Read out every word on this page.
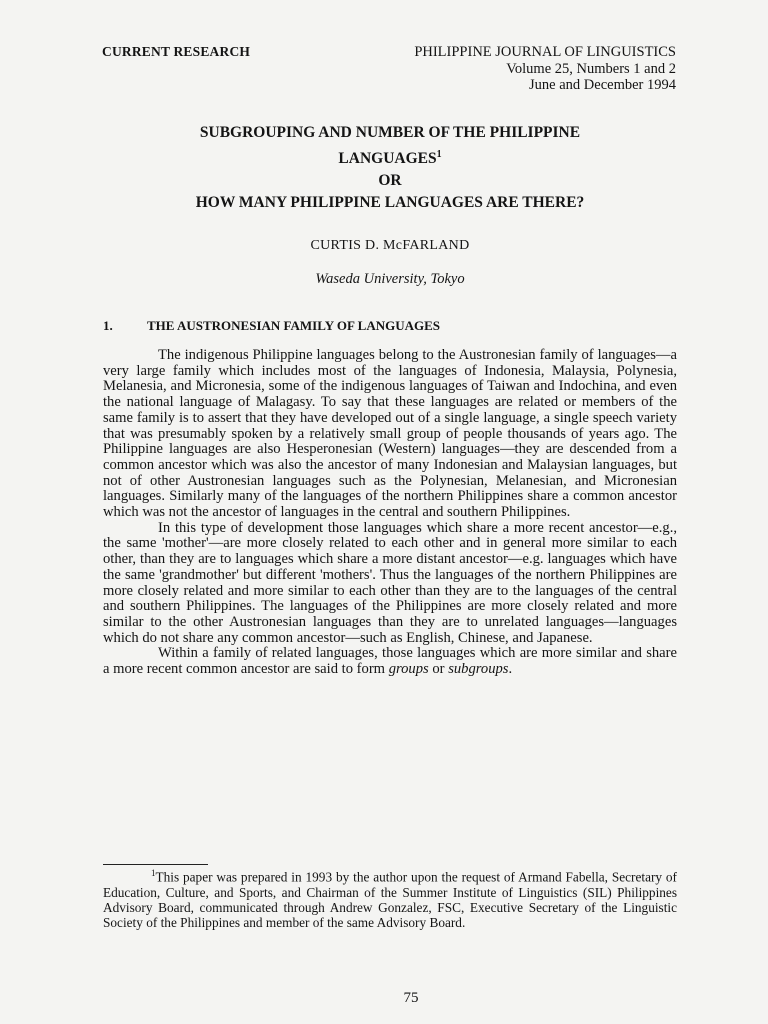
CURRENT RESEARCH	PHILIPPINE JOURNAL OF LINGUISTICS
Volume 25, Numbers 1 and 2
June and December 1994
SUBGROUPING AND NUMBER OF THE PHILIPPINE
LANGUAGES$^1$
OR
HOW MANY PHILIPPINE LANGUAGES ARE THERE?
CURTIS D. McFARLAND
Waseda University, Tokyo
1.	THE AUSTRONESIAN FAMILY OF LANGUAGES

The indigenous Philippine languages belong to the Austronesian family of languages—a very large family which includes most of the languages of Indonesia, Malaysia, Polynesia, Melanesia, and Micronesia, some of the indigenous languages of Taiwan and Indochina, and even the national language of Malagasy. To say that these languages are related or members of the same family is to assert that they have developed out of a single language, a single speech variety that was presumably spoken by a relatively small group of people thousands of years ago. The Philippine languages are also Hesperonesian (Western) languages—they are descended from a common ancestor which was also the ancestor of many Indonesian and Malaysian languages, but not of other Austronesian languages such as the Polynesian, Melanesian, and Micronesian languages. Similarly many of the languages of the northern Philippines share a common ancestor which was not the ancestor of languages in the central and southern Philippines.

In this type of development those languages which share a more recent ancestor—e.g., the same 'mother'—are more closely related to each other and in general more similar to each other, than they are to languages which share a more distant ancestor—e.g. languages which have the same 'grandmother' but different 'mothers'. Thus the languages of the northern Philippines are more closely related and more similar to each other than they are to the languages of the central and southern Philippines. The languages of the Philippines are more closely related and more similar to the other Austronesian languages than they are to unrelated languages—languages which do not share any common ancestor—such as English, Chinese, and Japanese.

Within a family of related languages, those languages which are more similar and share a more recent common ancestor are said to form groups or subgroups.

$^1$This paper was prepared in 1993 by the author upon the request of Armand Fabella, Secretary of Education, Culture, and Sports, and Chairman of the Summer Institute of Linguistics (SIL) Philippines Advisory Board, communicated through Andrew Gonzalez, FSC, Executive Secretary of the Linguistic Society of the Philippines and member of the same Advisory Board.

75
